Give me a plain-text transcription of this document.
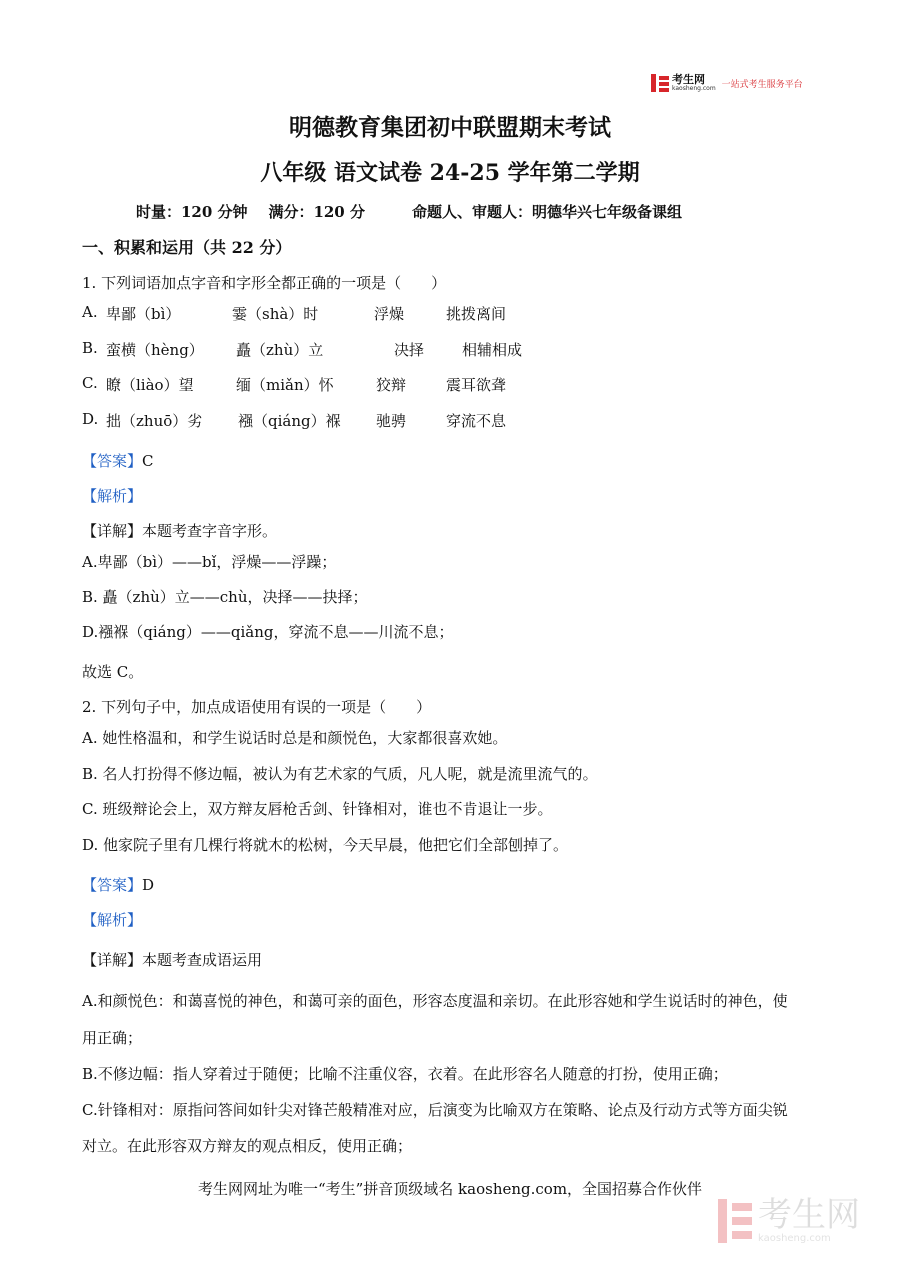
考生网
kaosheng.com 一站式考生服务平台
明德教育集团初中联盟期末考试
八年级 语文试卷 24-25 学年第二学期
时量：120 分钟 满分：120 分	命题人、审题人：明德华兴七年级备课组
一、积累和运用（共 22 分）
1. 下列词语加点字音和字形全都正确的一项是（　　）
A. 卑鄙（bì）	霎（shà）时	浮燥	挑拨离间
B. 蛮横（hèng） 矗（zhù）立	决择	相辅相成
C. 瞭（liào）望	缅（miǎn）怀	狡辩	震耳欲聋
D. 拙（zhuō）劣 襁（qiáng）褓 驰骋	穿流不息
【答案】C
【解析】
【详解】本题考查字音字形。
A.卑鄙（bì）——bǐ，浮燥——浮躁；
B. 矗（zhù）立——chù，决择——抉择；
D.襁褓（qiáng）——qiǎng，穿流不息——川流不息；
故选 C。
2. 下列句子中，加点成语使用有误的一项是（　　）
A. 她性格温和，和学生说话时总是和颜悦色，大家都很喜欢她。
B. 名人打扮得不修边幅，被认为有艺术家的气质，凡人呢，就是流里流气的。
C. 班级辩论会上，双方辩友唇枪舌剑、针锋相对，谁也不肯退让一步。
D. 他家院子里有几棵行将就木的松树，今天早晨，他把它们全部刨掉了。
【答案】D
【解析】
【详解】本题考查成语运用
A.和颜悦色：和蔼喜悦的神色，和蔼可亲的面色，形容态度温和亲切。在此形容她和学生说话时的神色，使
用正确；
B.不修边幅：指人穿着过于随便；比喻不注重仪容，衣着。在此形容名人随意的打扮，使用正确；
C.针锋相对：原指问答间如针尖对锋芒般精准对应，后演变为比喻双方在策略、论点及行动方式等方面尖锐
对立。在此形容双方辩友的观点相反，使用正确；
考生网网址为唯一“考生”拼音顶级域名 kaosheng.com，全国招募合作伙伴
考生网
kaosheng.com
